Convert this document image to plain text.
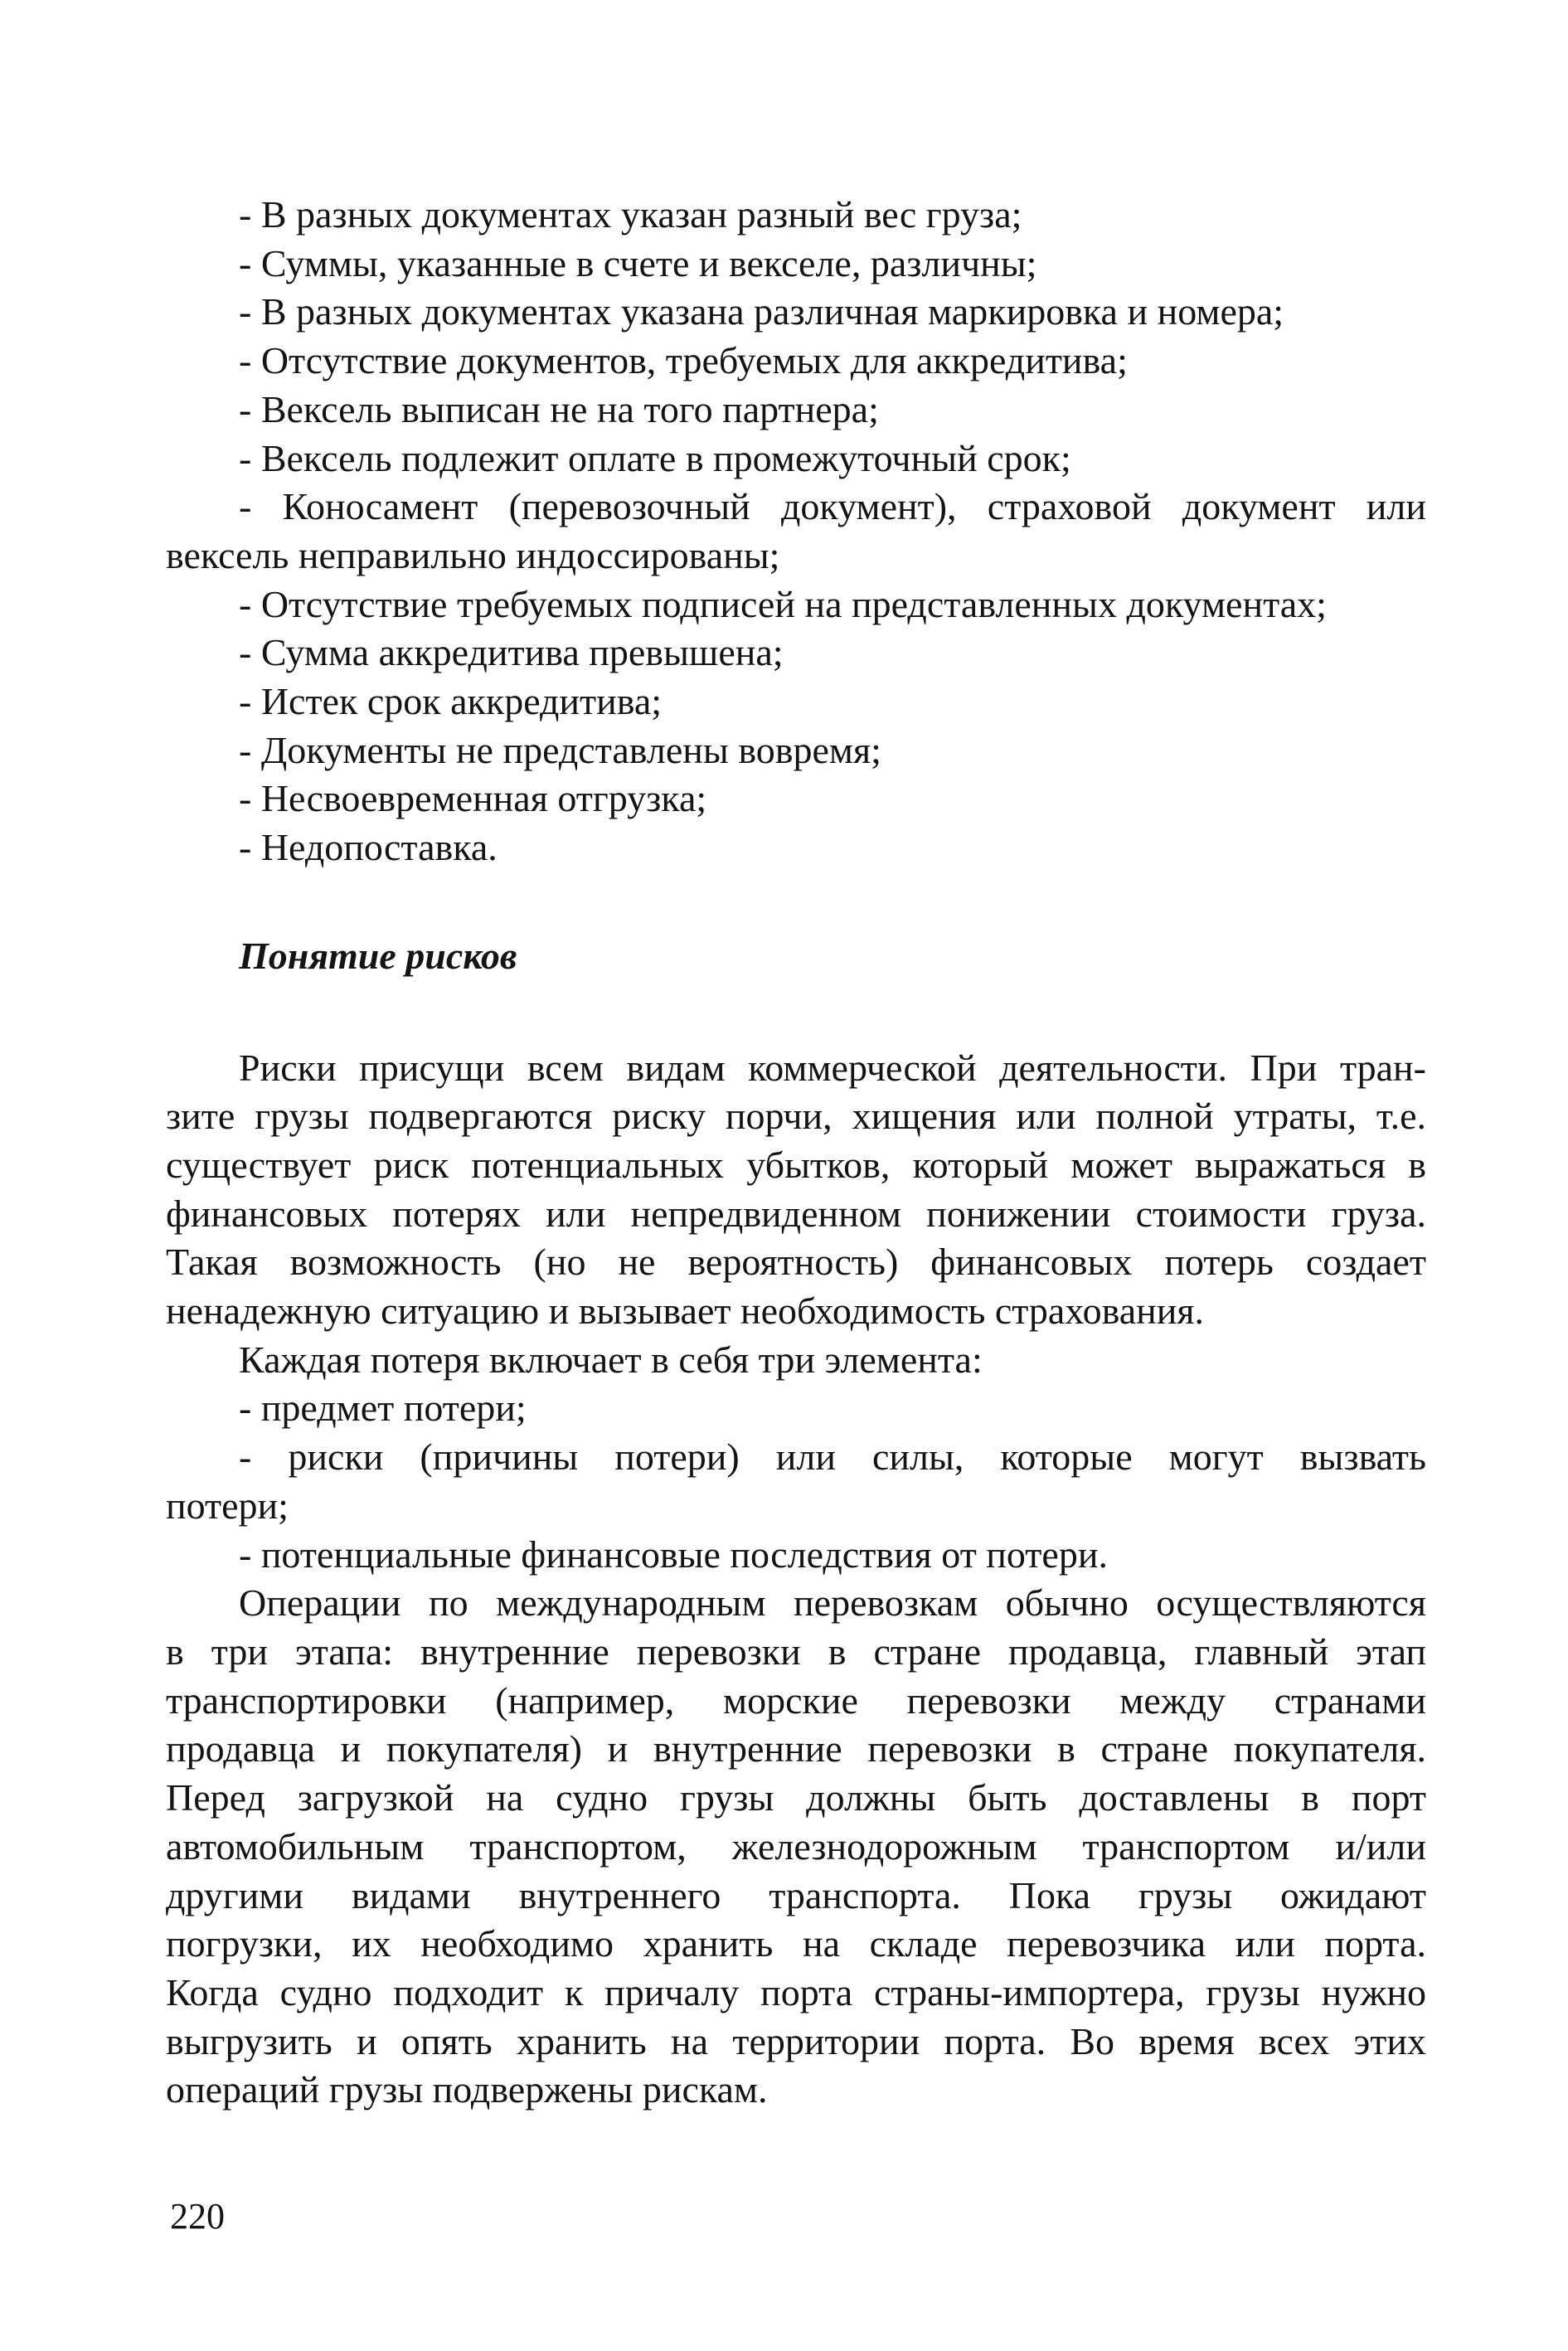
- В разных документах указан разный вес груза;
- Суммы, указанные в счете и векселе, различны;
- В разных документах указана различная маркировка и номера;
- Отсутствие документов, требуемых для аккредитива;
- Вексель выписан не на того партнера;
- Вексель подлежит оплате в промежуточный срок;
- Коносамент (перевозочный документ), страховой документ или
вексель неправильно индоссированы;
- Отсутствие требуемых подписей на представленных документах;
- Сумма аккредитива превышена;
- Истек срок аккредитива;
- Документы не представлены вовремя;
- Несвоевременная отгрузка;
- Недопоставка.
Понятие рисков
Риски присущи всем видам коммерческой деятельности. При тран-
зите грузы подвергаются риску порчи, хищения или полной утраты, т.е.
существует риск потенциальных убытков, который может выражаться в
финансовых потерях или непредвиденном понижении стоимости груза.
Такая возможность (но не вероятность) финансовых потерь создает
ненадежную ситуацию и вызывает необходимость страхования.
Каждая потеря включает в себя три элемента:
- предмет потери;
- риски (причины потери) или силы, которые могут вызвать
потери;
- потенциальные финансовые последствия от потери.
Операции по международным перевозкам обычно осуществляются
в три этапа: внутренние перевозки в стране продавца, главный этап
транспортировки (например, морские перевозки между странами
продавца и покупателя) и внутренние перевозки в стране покупателя.
Перед загрузкой на судно грузы должны быть доставлены в порт
автомобильным транспортом, железнодорожным транспортом и/или
другими видами внутреннего транспорта. Пока грузы ожидают
погрузки, их необходимо хранить на складе перевозчика или порта.
Когда судно подходит к причалу порта страны-импортера, грузы нужно
выгрузить и опять хранить на территории порта. Во время всех этих
операций грузы подвержены рискам.
220
